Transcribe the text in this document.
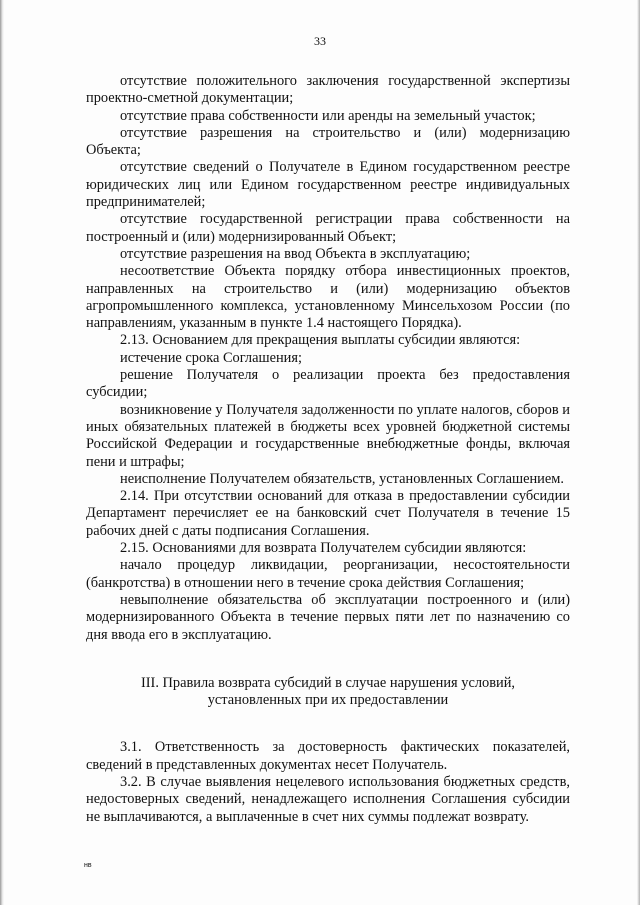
33

отсутствие положительного заключения государственной экспертизы проектно-сметной документации;

отсутствие права собственности или аренды на земельный участок;

отсутствие разрешения на строительство и (или) модернизацию Объекта;

отсутствие сведений о Получателе в Едином государственном реестре юридических лиц или Едином государственном реестре индивидуальных предпринимателей;

отсутствие государственной регистрации права собственности на построенный и (или) модернизированный Объект;

отсутствие разрешения на ввод Объекта в эксплуатацию;

несоответствие Объекта порядку отбора инвестиционных проектов, направленных на строительство и (или) модернизацию объектов агропромышленного комплекса, установленному Минсельхозом России (по направлениям, указанным в пункте 1.4 настоящего Порядка).

2.13. Основанием для прекращения выплаты субсидии являются:

истечение срока Соглашения;

решение Получателя о реализации проекта без предоставления субсидии;

возникновение у Получателя задолженности по уплате налогов, сборов и иных обязательных платежей в бюджеты всех уровней бюджетной системы Российской Федерации и государственные внебюджетные фонды, включая пени и штрафы;

неисполнение Получателем обязательств, установленных Соглашением.

2.14. При отсутствии оснований для отказа в предоставлении субсидии Департамент перечисляет ее на банковский счет Получателя в течение 15 рабочих дней с даты подписания Соглашения.

2.15. Основаниями для возврата Получателем субсидии являются:

начало процедур ликвидации, реорганизации, несостоятельности (банкротства) в отношении него в течение срока действия Соглашения;

невыполнение обязательства об эксплуатации построенного и (или) модернизированного Объекта в течение первых пяти лет по назначению со дня ввода его в эксплуатацию.

III. Правила возврата субсидий в случае нарушения условий,
установленных при их предоставлении

3.1. Ответственность за достоверность фактических показателей, сведений в представленных документах несет Получатель.

3.2. В случае выявления нецелевого использования бюджетных средств, недостоверных сведений, ненадлежащего исполнения Соглашения субсидии не выплачиваются, а выплаченные в счет них суммы подлежат возврату.

нв
